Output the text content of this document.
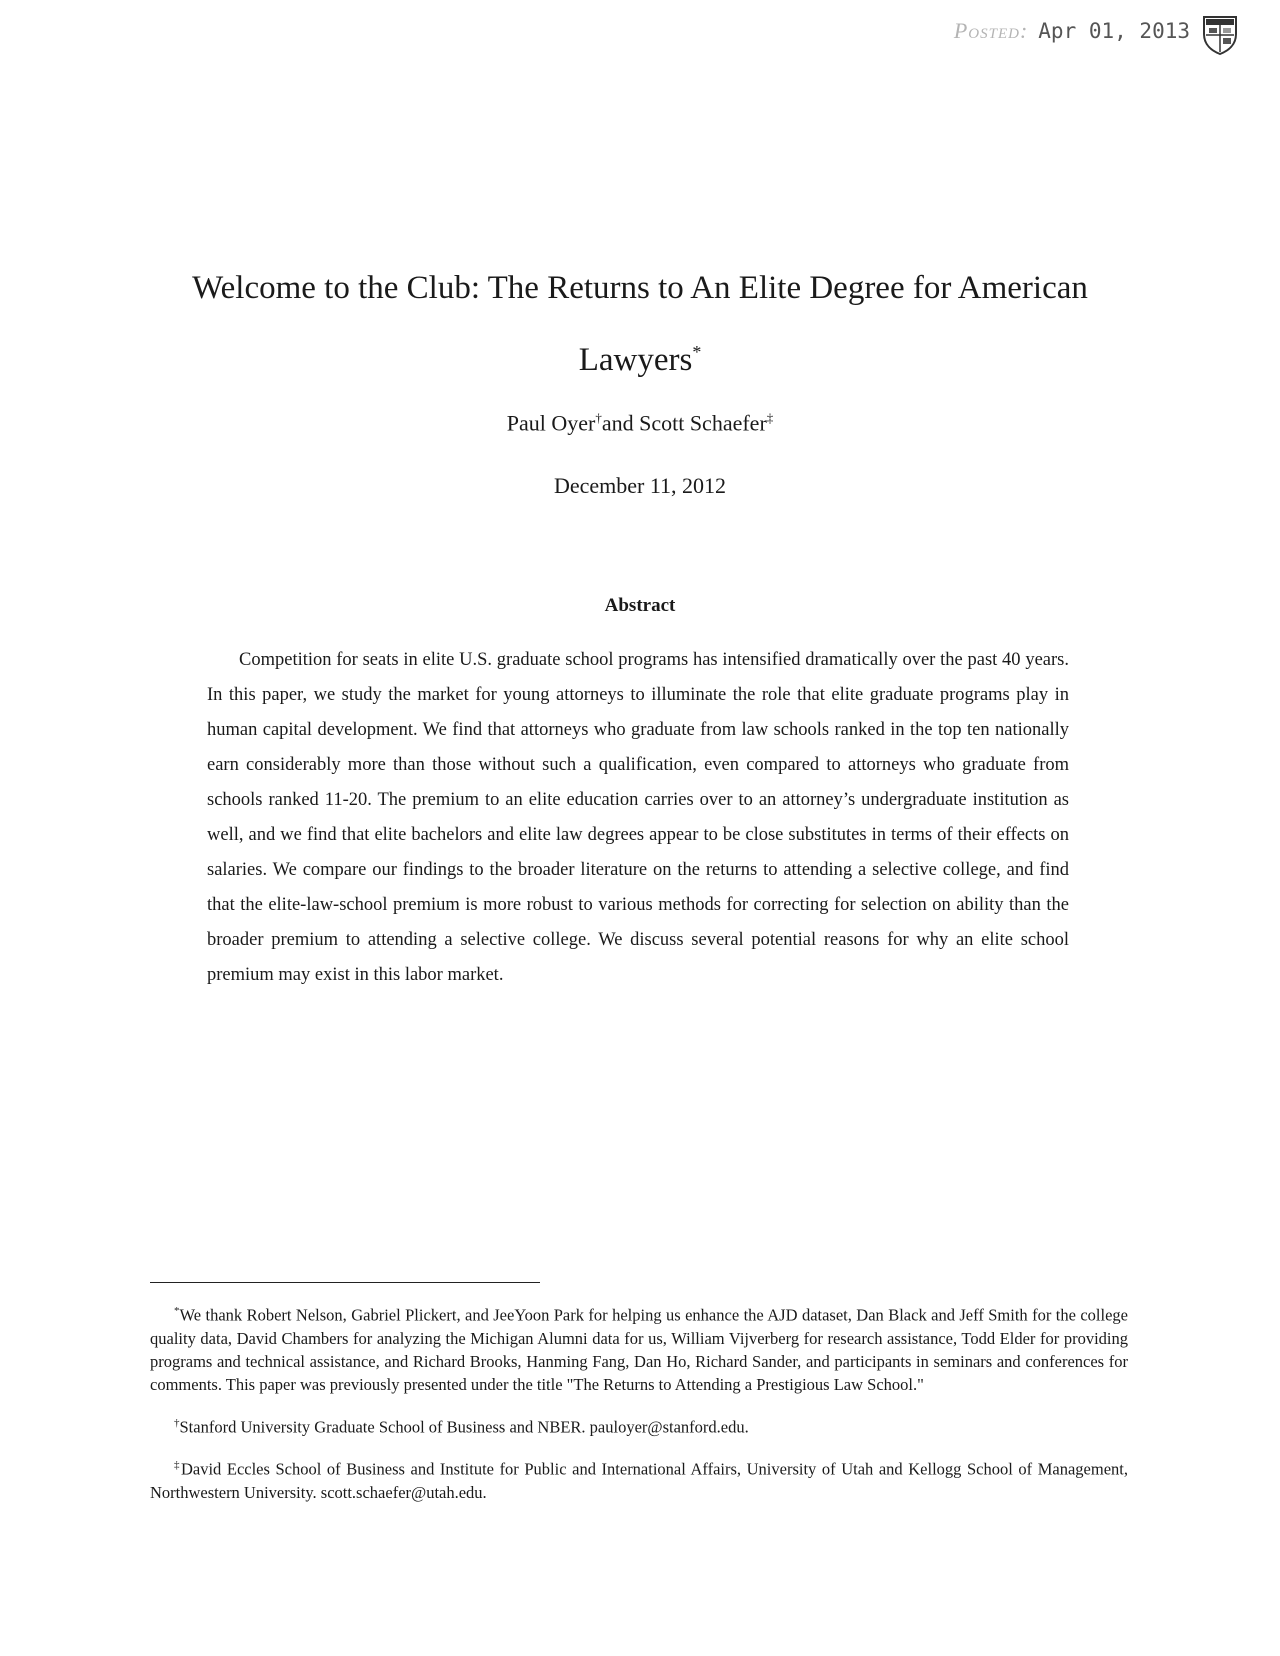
Posted: Apr 01, 2013
Welcome to the Club: The Returns to An Elite Degree for American Lawyers*
Paul Oyer†and Scott Schaefer‡
December 11, 2012
Abstract

Competition for seats in elite U.S. graduate school programs has intensified dramatically over the past 40 years. In this paper, we study the market for young attorneys to illuminate the role that elite graduate programs play in human capital development. We find that attorneys who graduate from law schools ranked in the top ten nationally earn considerably more than those without such a qualification, even compared to attorneys who graduate from schools ranked 11-20. The premium to an elite education carries over to an attorney’s undergraduate institution as well, and we find that elite bachelors and elite law degrees appear to be close substitutes in terms of their effects on salaries. We compare our findings to the broader literature on the returns to attending a selective college, and find that the elite-law-school premium is more robust to various methods for correcting for selection on ability than the broader premium to attending a selective college. We discuss several potential reasons for why an elite school premium may exist in this labor market.

*We thank Robert Nelson, Gabriel Plickert, and JeeYoon Park for helping us enhance the AJD dataset, Dan Black and Jeff Smith for the college quality data, David Chambers for analyzing the Michigan Alumni data for us, William Vijverberg for research assistance, Todd Elder for providing programs and technical assistance, and Richard Brooks, Hanming Fang, Dan Ho, Richard Sander, and participants in seminars and conferences for comments. This paper was previously presented under the title "The Returns to Attending a Prestigious Law School."

†Stanford University Graduate School of Business and NBER. pauloyer@stanford.edu.

‡David Eccles School of Business and Institute for Public and International Affairs, University of Utah and Kellogg School of Management, Northwestern University. scott.schaefer@utah.edu.
